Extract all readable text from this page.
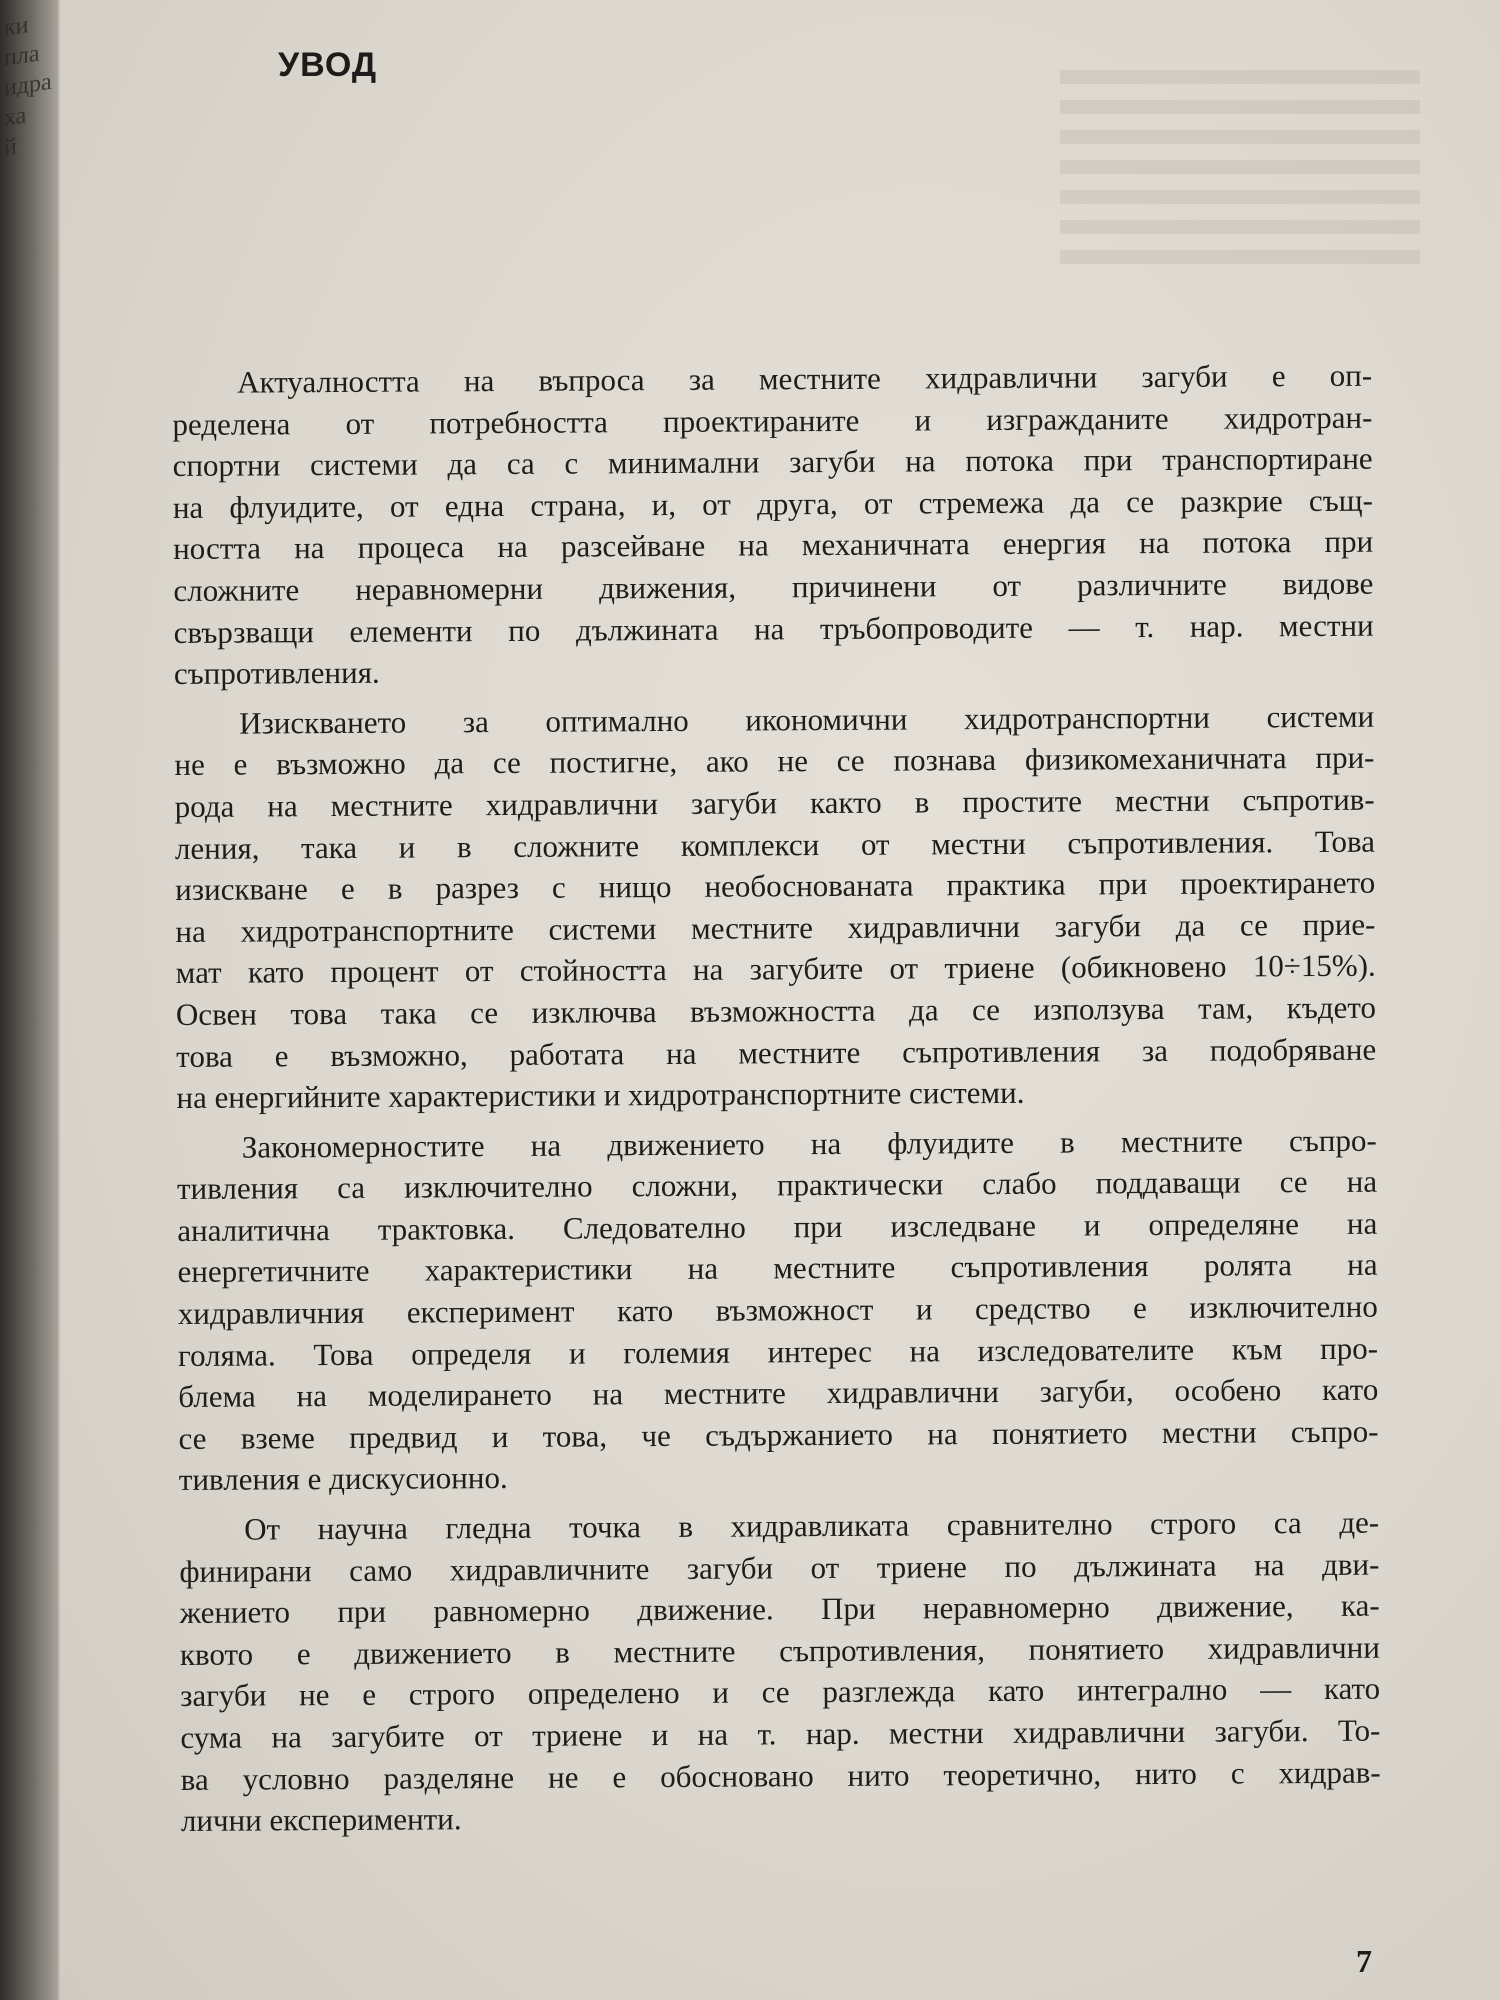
ки
пла
идра
ха
й
УВОД
Актуалността на въпроса за местните хидравлични загуби е оп-
ределена от потребността проектираните и изгражданите хидротран-
спортни системи да са с минимални загуби на потока при транспортиране
на флуидите, от една страна, и, от друга, от стремежа да се разкрие същ-
ността на процеса на разсейване на механичната енергия на потока при
сложните неравномерни движения, причинени от различните видове
свързващи елементи по дължината на тръбопроводите — т. нар. местни
съпротивления.
Изискването за оптимално икономични хидротранспортни системи
не е възможно да се постигне, ако не се познава физикомеханичната при-
рода на местните хидравлични загуби както в простите местни съпротив-
ления, така и в сложните комплекси от местни съпротивления. Това
изискване е в разрез с нищо необоснованата практика при проектирането
на хидротранспортните системи местните хидравлични загуби да се прие-
мат като процент от стойността на загубите от триене (обикновено 10÷15%).
Освен това така се изключва възможността да се използува там, където
това е възможно, работата на местните съпротивления за подобряване
на енергийните характеристики и хидротранспортните системи.
Закономерностите на движението на флуидите в местните съпро-
тивления са изключително сложни, практически слабо поддаващи се на
аналитична трактовка. Следователно при изследване и определяне на
енергетичните характеристики на местните съпротивления ролята на
хидравличния експеримент като възможност и средство е изключително
голяма. Това определя и големия интерес на изследователите към про-
блема на моделирането на местните хидравлични загуби, особено като
се вземе предвид и това, че съдържанието на понятието местни съпро-
тивления е дискусионно.
От научна гледна точка в хидравликата сравнително строго са де-
финирани само хидравличните загуби от триене по дължината на дви-
жението при равномерно движение. При неравномерно движение, ка-
квото е движението в местните съпротивления, понятието хидравлични
загуби не е строго определено и се разглежда като интегрално — като
сума на загубите от триене и на т. нар. местни хидравлични загуби. То-
ва условно разделяне не е обосновано нито теоретично, нито с хидрав-
лични експерименти.
7
